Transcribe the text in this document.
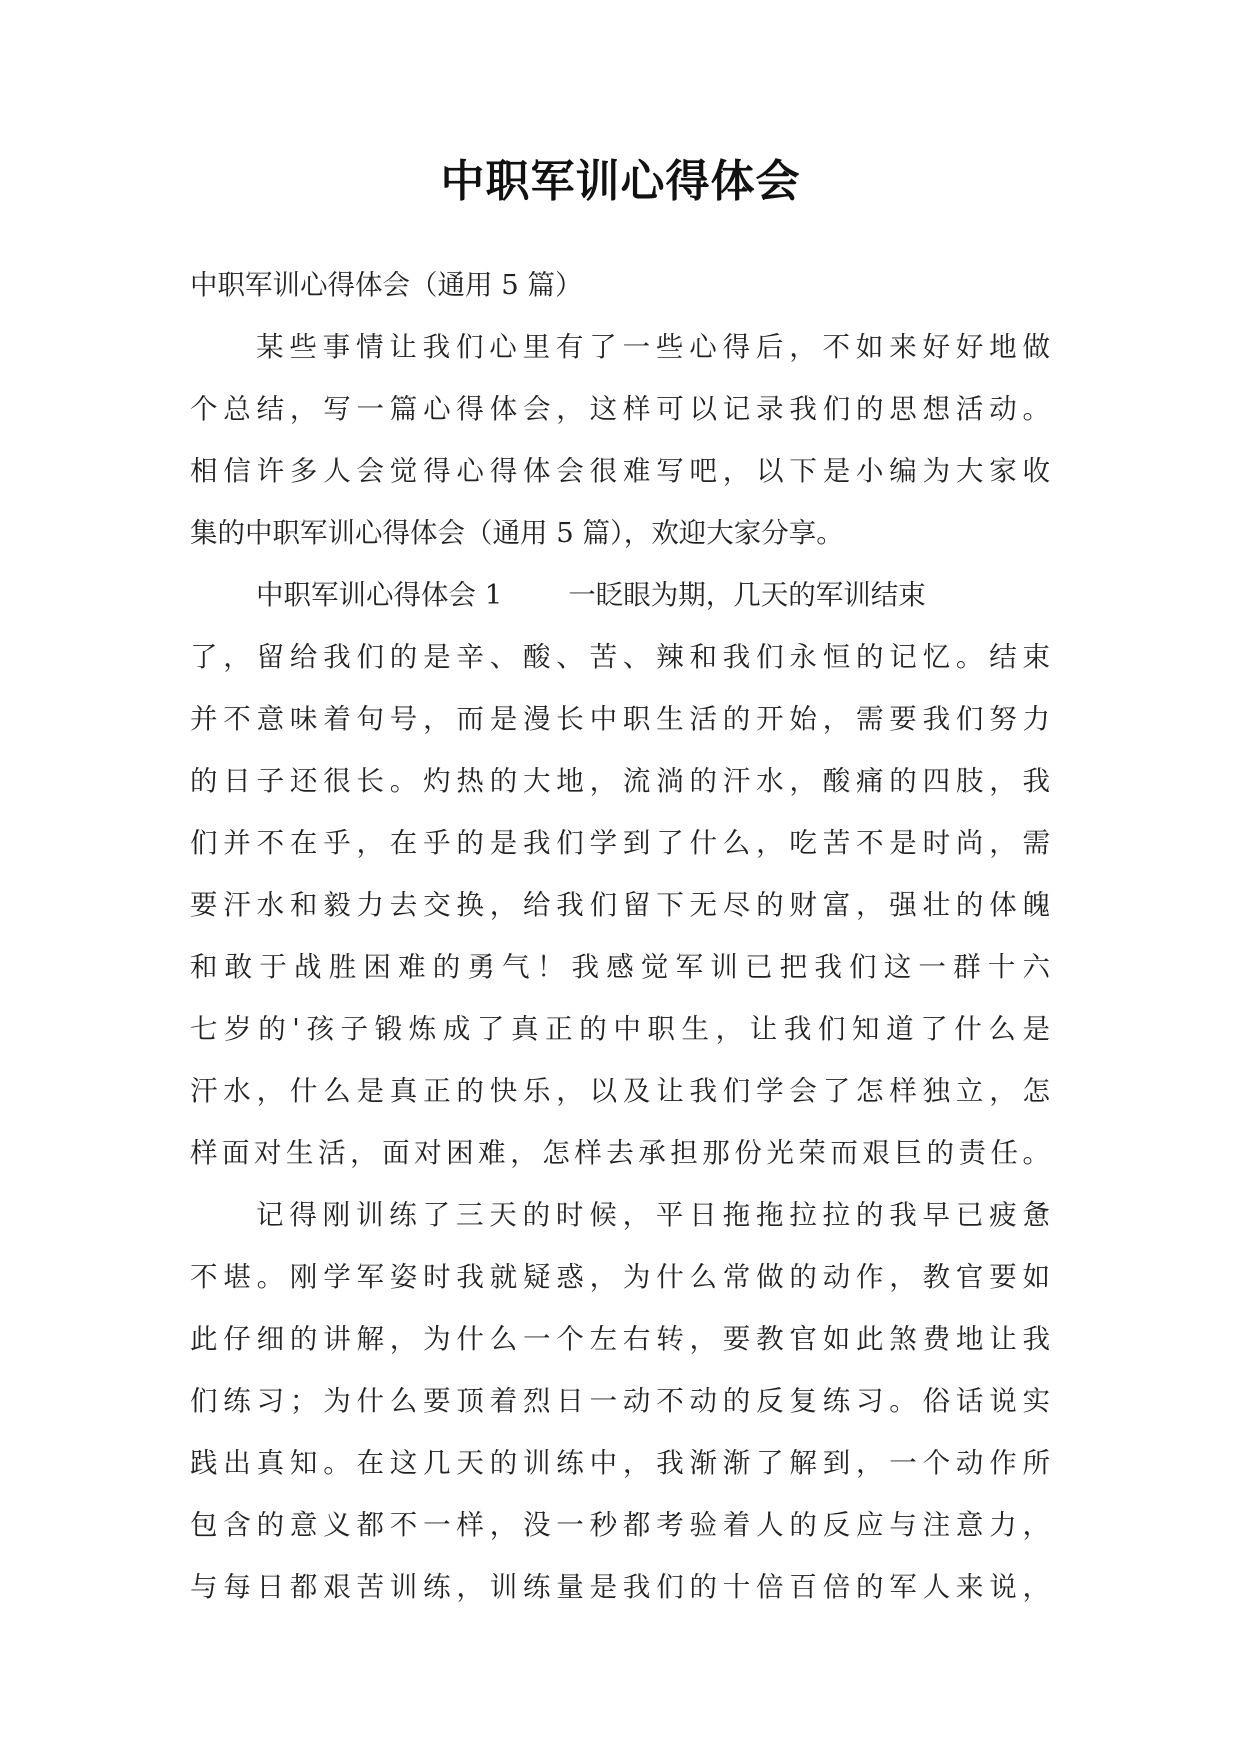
中职军训心得体会

中职军训心得体会（通用 5 篇）

某些事情让我们心里有了一些心得后，不如来好好地做
个总结，写一篇心得体会，这样可以记录我们的思想活动。
相信许多人会觉得心得体会很难写吧，以下是小编为大家收
集的中职军训心得体会（通用 5 篇），欢迎大家分享。

中职军训心得体会 1 一眨眼为期，几天的军训结束
了，留给我们的是辛、酸、苦、辣和我们永恒的记忆。结束
并不意味着句号，而是漫长中职生活的开始，需要我们努力
的日子还很长。灼热的大地，流淌的汗水，酸痛的四肢，我
们并不在乎，在乎的是我们学到了什么，吃苦不是时尚，需
要汗水和毅力去交换，给我们留下无尽的财富，强壮的体魄
和敢于战胜困难的勇气！我感觉军训已把我们这一群十六
七岁的'孩子锻炼成了真正的中职生，让我们知道了什么是
汗水，什么是真正的快乐，以及让我们学会了怎样独立，怎
样面对生活，面对困难，怎样去承担那份光荣而艰巨的责任。

记得刚训练了三天的时候，平日拖拖拉拉的我早已疲惫
不堪。刚学军姿时我就疑惑，为什么常做的动作，教官要如
此仔细的讲解，为什么一个左右转，要教官如此煞费地让我
们练习；为什么要顶着烈日一动不动的反复练习。俗话说实
践出真知。在这几天的训练中，我渐渐了解到，一个动作所
包含的意义都不一样，没一秒都考验着人的反应与注意力，
与每日都艰苦训练，训练量是我们的十倍百倍的军人来说，
